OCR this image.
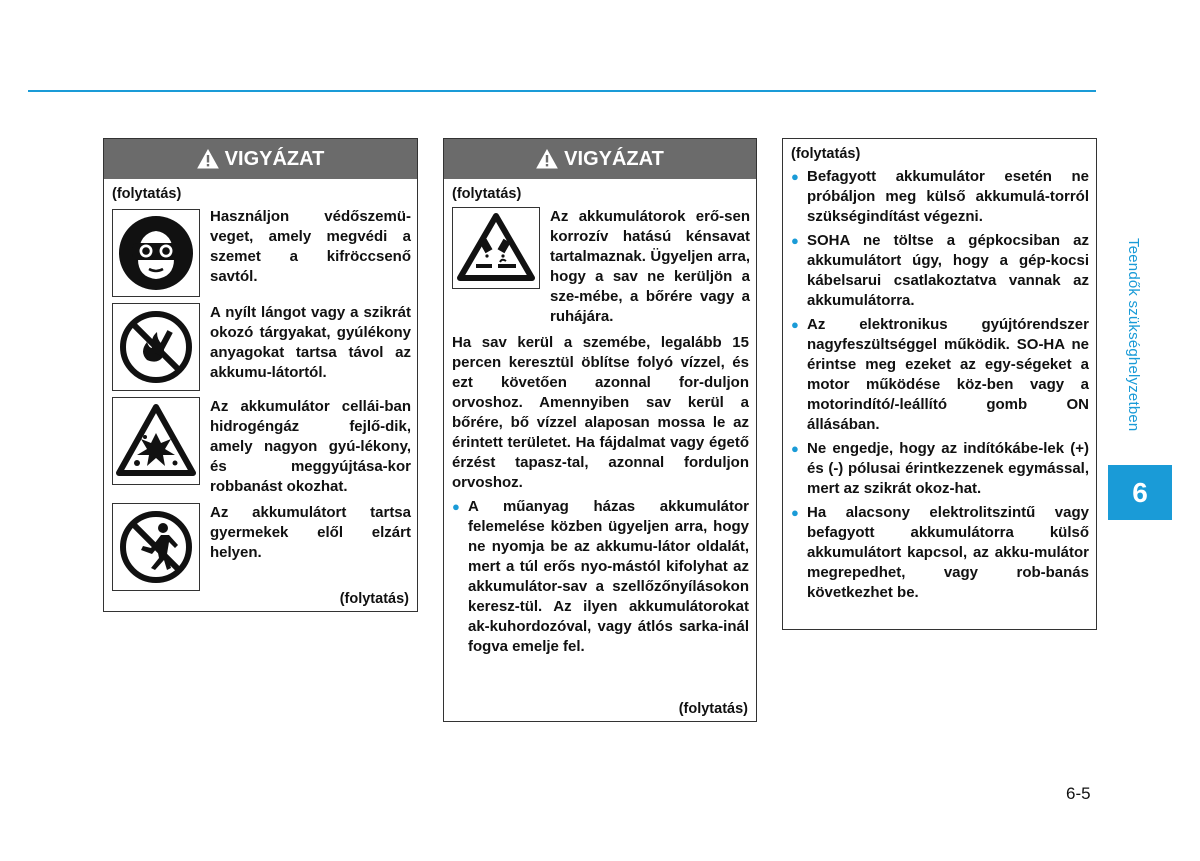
Teendők szükséghelyzetben
6
6-5
VIGYÁZAT
(folytatás)
Használjon védőszemü-veget, amely megvédi a szemet a kifröccsenő savtól.
A nyílt lángot vagy a szikrát okozó tárgyakat, gyúlékony anyagokat tartsa távol az akkumu-látortól.
Az akkumulátor cellái-ban hidrogéngáz fejlő-dik, amely nagyon gyú-lékony, és meggyújtása-kor robbanást okozhat.
Az akkumulátort tartsa gyermekek elől elzárt helyen.
(folytatás)
VIGYÁZAT
(folytatás)
Az akkumulátorok erő-sen korrozív hatású kénsavat tartalmaznak. Ügyeljen arra, hogy a sav ne kerüljön a sze-mébe, a bőrére vagy a ruhájára.
Ha sav kerül a szemébe, legalább 15 percen keresztül öblítse folyó vízzel, és ezt követően azonnal for-duljon orvoshoz. Amennyiben sav kerül a bőrére, bő vízzel alaposan mossa le az érintett területet. Ha fájdalmat vagy égető érzést tapasz-tal, azonnal forduljon orvoshoz.
● A műanyag házas akkumulátor felemelése közben ügyeljen arra, hogy ne nyomja be az akkumu-látor oldalát, mert a túl erős nyo-mástól kifolyhat az akkumulátor-sav a szellőzőnyílásokon keresz-tül. Az ilyen akkumulátorokat ak-kuhordozóval, vagy átlós sarka-inál fogva emelje fel.
(folytatás)
(folytatás)
● Befagyott akkumulátor esetén ne próbáljon meg külső akkumulá-torról szükségindítást végezni.
● SOHA ne töltse a gépkocsiban az akkumulátort úgy, hogy a gép-kocsi kábelsarui csatlakoztatva vannak az akkumulátorra.
● Az elektronikus gyújtórendszer nagyfeszültséggel működik. SO-HA ne érintse meg ezeket az egy-ségeket a motor működése köz-ben vagy a motorindító/-leállító gomb ON állásában.
● Ne engedje, hogy az indítókábe-lek (+) és (-) pólusai érintkezzenek egymással, mert az szikrát okoz-hat.
● Ha alacsony elektrolitszintű vagy befagyott akkumulátorra külső akkumulátort kapcsol, az akku-mulátor megrepedhet, vagy rob-banás következhet be.
